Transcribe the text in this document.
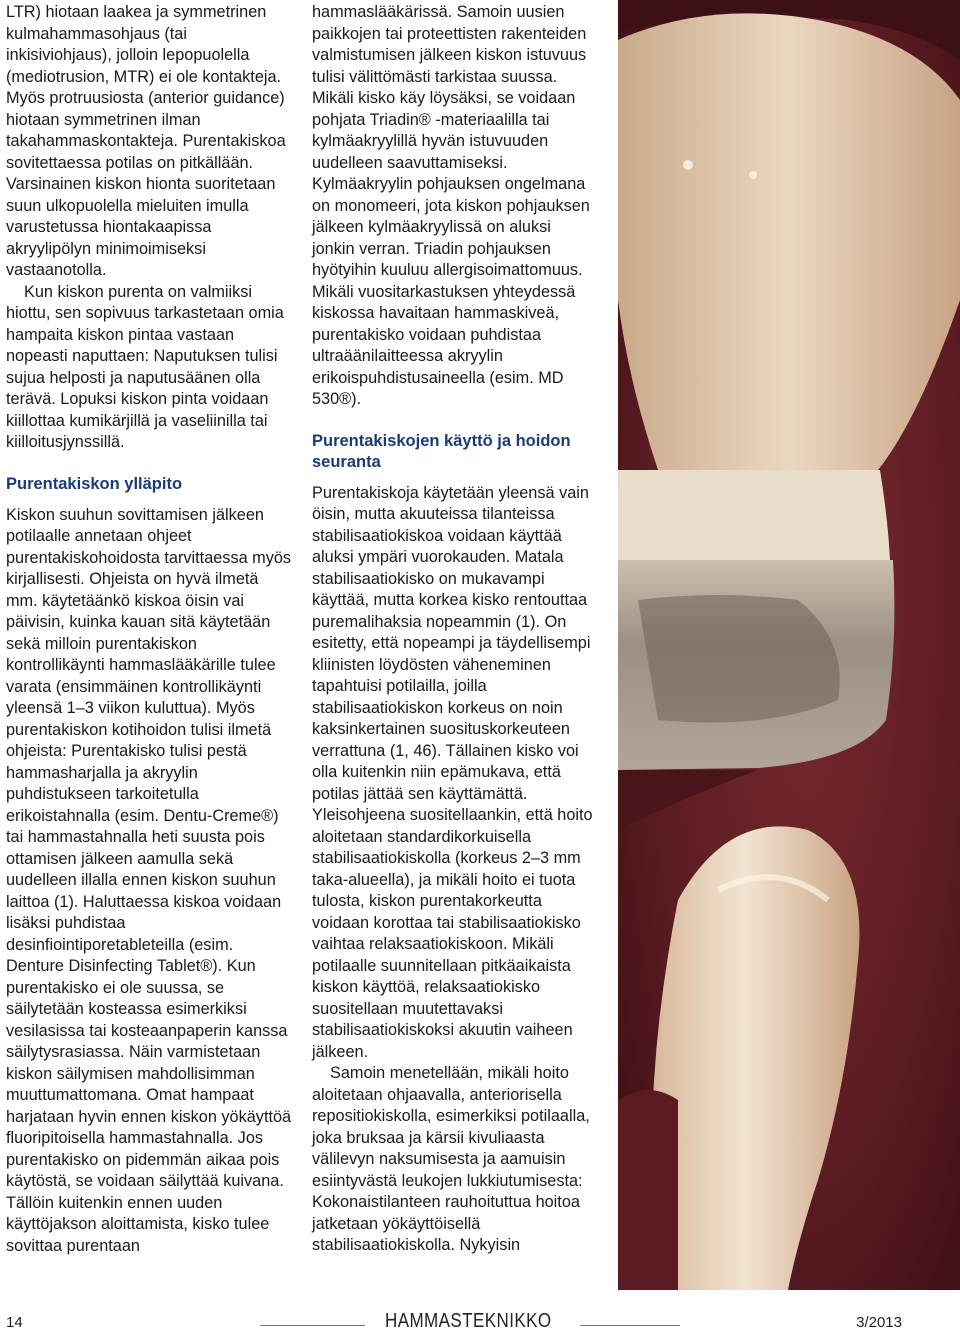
LTR) hiotaan laakea ja symmetrinen kulmahammasohjaus (tai inkisiviohjaus), jolloin lepopuolella (mediotrusion, MTR) ei ole kontakteja. Myös protruusiosta (anterior guidance) hiotaan symmetrinen ilman takahammaskontakteja. Purentakiskoa sovitettaessa potilas on pitkällään. Varsinainen kiskon hionta suoritetaan suun ulkopuolella mieluiten imulla varustetussa hiontakaapissa akryylipölyn minimoimiseksi vastaanotolla.

Kun kiskon purenta on valmiiksi hiottu, sen sopivuus tarkastetaan omia hampaita kiskon pintaa vastaan nopeasti naputtaen: Naputuksen tulisi sujua helposti ja naputusäänen olla terävä. Lopuksi kiskon pinta voidaan kiillottaa kumikärjillä ja vaseliinilla tai kiilloitusjynssillä.

Purentakiskon ylläpito

Kiskon suuhun sovittamisen jälkeen potilaalle annetaan ohjeet purentakiskohoidosta tarvittaessa myös kirjallisesti. Ohjeista on hyvä ilmetä mm. käytetäänkö kiskoa öisin vai päivisin, kuinka kauan sitä käytetään sekä milloin purentakiskon kontrollikäynti hammaslääkärille tulee varata (ensimmäinen kontrollikäynti yleensä 1–3 viikon kuluttua). Myös purentakiskon kotihoidon tulisi ilmetä ohjeista: Purentakisko tulisi pestä hammasharjalla ja akryylin puhdistukseen tarkoitetulla erikoistahnalla (esim. Dentu-Creme®) tai hammastahnalla heti suusta pois ottamisen jälkeen aamulla sekä uudelleen illalla ennen kiskon suuhun laittoa (1). Haluttaessa kiskoa voidaan lisäksi puhdistaa desinfiointiporetableteilla (esim. Denture Disinfecting Tablet®). Kun purentakisko ei ole suussa, se säilytetään kosteassa esimerkiksi vesilasissa tai kosteaanpaperin kanssa säilytysrasiassa. Näin varmistetaan kiskon säilymisen mahdollisimman muuttumattomana. Omat hampaat harjataan hyvin ennen kiskon yökäyttöä fluoripitoisella hammastahnalla. Jos purentakisko on pidemmän aikaa pois käytöstä, se voidaan säilyttää kuivana. Tällöin kuitenkin ennen uuden käyttöjakson aloittamista, kisko tulee sovittaa purentaan

hammaslääkärissä. Samoin uusien paikkojen tai proteettisten rakenteiden valmistumisen jälkeen kiskon istuvuus tulisi välittömästi tarkistaa suussa. Mikäli kisko käy löysäksi, se voidaan pohjata Triadin® -materiaalilla tai kylmäakryylillä hyvän istuvuuden uudelleen saavuttamiseksi. Kylmäakryylin pohjauksen ongelmana on monomeeri, jota kiskon pohjauksen jälkeen kylmäakryylissä on aluksi jonkin verran. Triadin pohjauksen hyötyihin kuuluu allergisoimattomuus. Mikäli vuositarkastuksen yhteydessä kiskossa havaitaan hammaskiveä, purentakisko voidaan puhdistaa ultraäänilaitteessa akryylin erikoispuhdistusaineella (esim. MD 530®).

Purentakiskojen käyttö ja hoidon seuranta

Purentakiskoja käytetään yleensä vain öisin, mutta akuuteissa tilanteissa stabilisaatiokiskoa voidaan käyttää aluksi ympäri vuorokauden. Matala stabilisaatiokisko on mukavampi käyttää, mutta korkea kisko rentouttaa puremalihaksia nopeammin (1). On esitetty, että nopeampi ja täydellisempi kliinisten löydösten väheneminen tapahtuisi potilailla, joilla stabilisaatiokiskon korkeus on noin kaksinkertainen suosituskorkeuteen verrattuna (1, 46). Tällainen kisko voi olla kuitenkin niin epämukava, että potilas jättää sen käyttämättä. Yleisohjeena suositellaankin, että hoito aloitetaan standardikorkuisella stabilisaatiokiskolla (korkeus 2–3 mm taka-alueella), ja mikäli hoito ei tuota tulosta, kiskon purentakorkeutta voidaan korottaa tai stabilisaatiokisko vaihtaa relaksaatiokiskoon. Mikäli potilaalle suunnitellaan pitkäaikaista kiskon käyttöä, relaksaatiokisko suositellaan muutettavaksi stabilisaatiokiskoksi akuutin vaiheen jälkeen.

Samoin menetellään, mikäli hoito aloitetaan ohjaavalla, anteriorisella repositiokiskolla, esimerkiksi potilaalla, joka bruksaa ja kärsii kivuliaasta välilevyn naksumisesta ja aamuisin esiintyvästä leukojen lukkiutumisesta: Kokonaistilanteen rauhoituttua hoitoa jatketaan yökäyttöisellä stabilisaatiokiskolla. Nykyisin

14	HAMMASTEKNIKKO	3/2013
